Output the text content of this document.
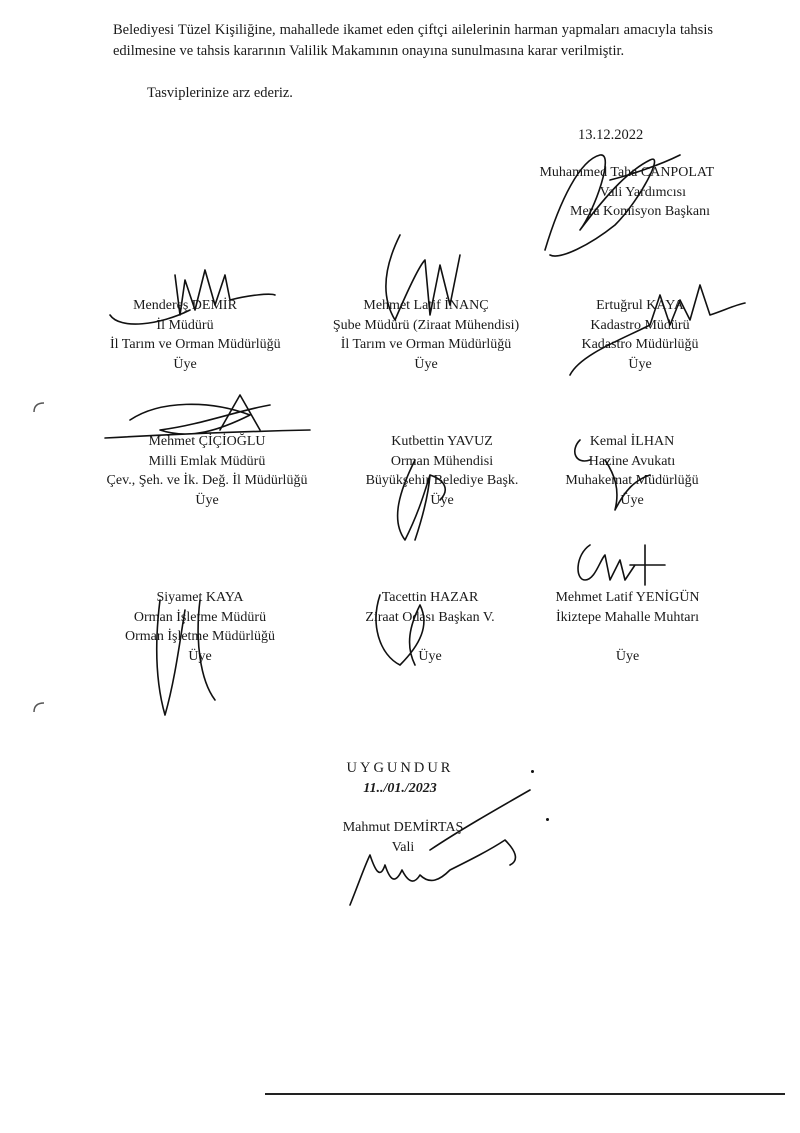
Belediyesi Tüzel Kişiliğine, mahallede ikamet eden çiftçi ailelerinin harman yapmaları amacıyla tahsis edilmesine ve tahsis kararının Valilik Makamının onayına sunulmasına karar verilmiştir.

Tasviplerinize arz ederiz.

13.12.2022
Muhammed Taha CANPOLAT
Vali Yardımcısı
Mera Komisyon Başkanı
Mendereş DEMİR
İl Müdürü
İl Tarım ve Orman Müdürlüğü
Üye
Mehmet Latif İNANÇ
Şube Müdürü (Ziraat Mühendisi)
İl Tarım ve Orman Müdürlüğü
Üye
Ertuğrul KAYA
Kadastro Müdürü
Kadastro Müdürlüğü
Üye
Mehmet ÇİÇİOĞLU
Milli Emlak Müdürü
Çev., Şeh. ve İk. Değ. İl Müdürlüğü
Üye
Kutbettin YAVUZ
Orman Mühendisi
Büyükşehir Belediye Başk.
Üye
Kemal İLHAN
Hazine Avukatı
Muhakemat Müdürlüğü
Üye
Siyamet KAYA
Orman İşletme Müdürü
Orman İşletme Müdürlüğü
Üye
Tacettin HAZAR
Ziraat Odası Başkan V.
Üye
Mehmet Latif YENİGÜN
İkiztepe Mahalle Muhtarı
Üye
UYGUNDUR
11../01./2023
Mahmut DEMİRTAŞ
Vali
